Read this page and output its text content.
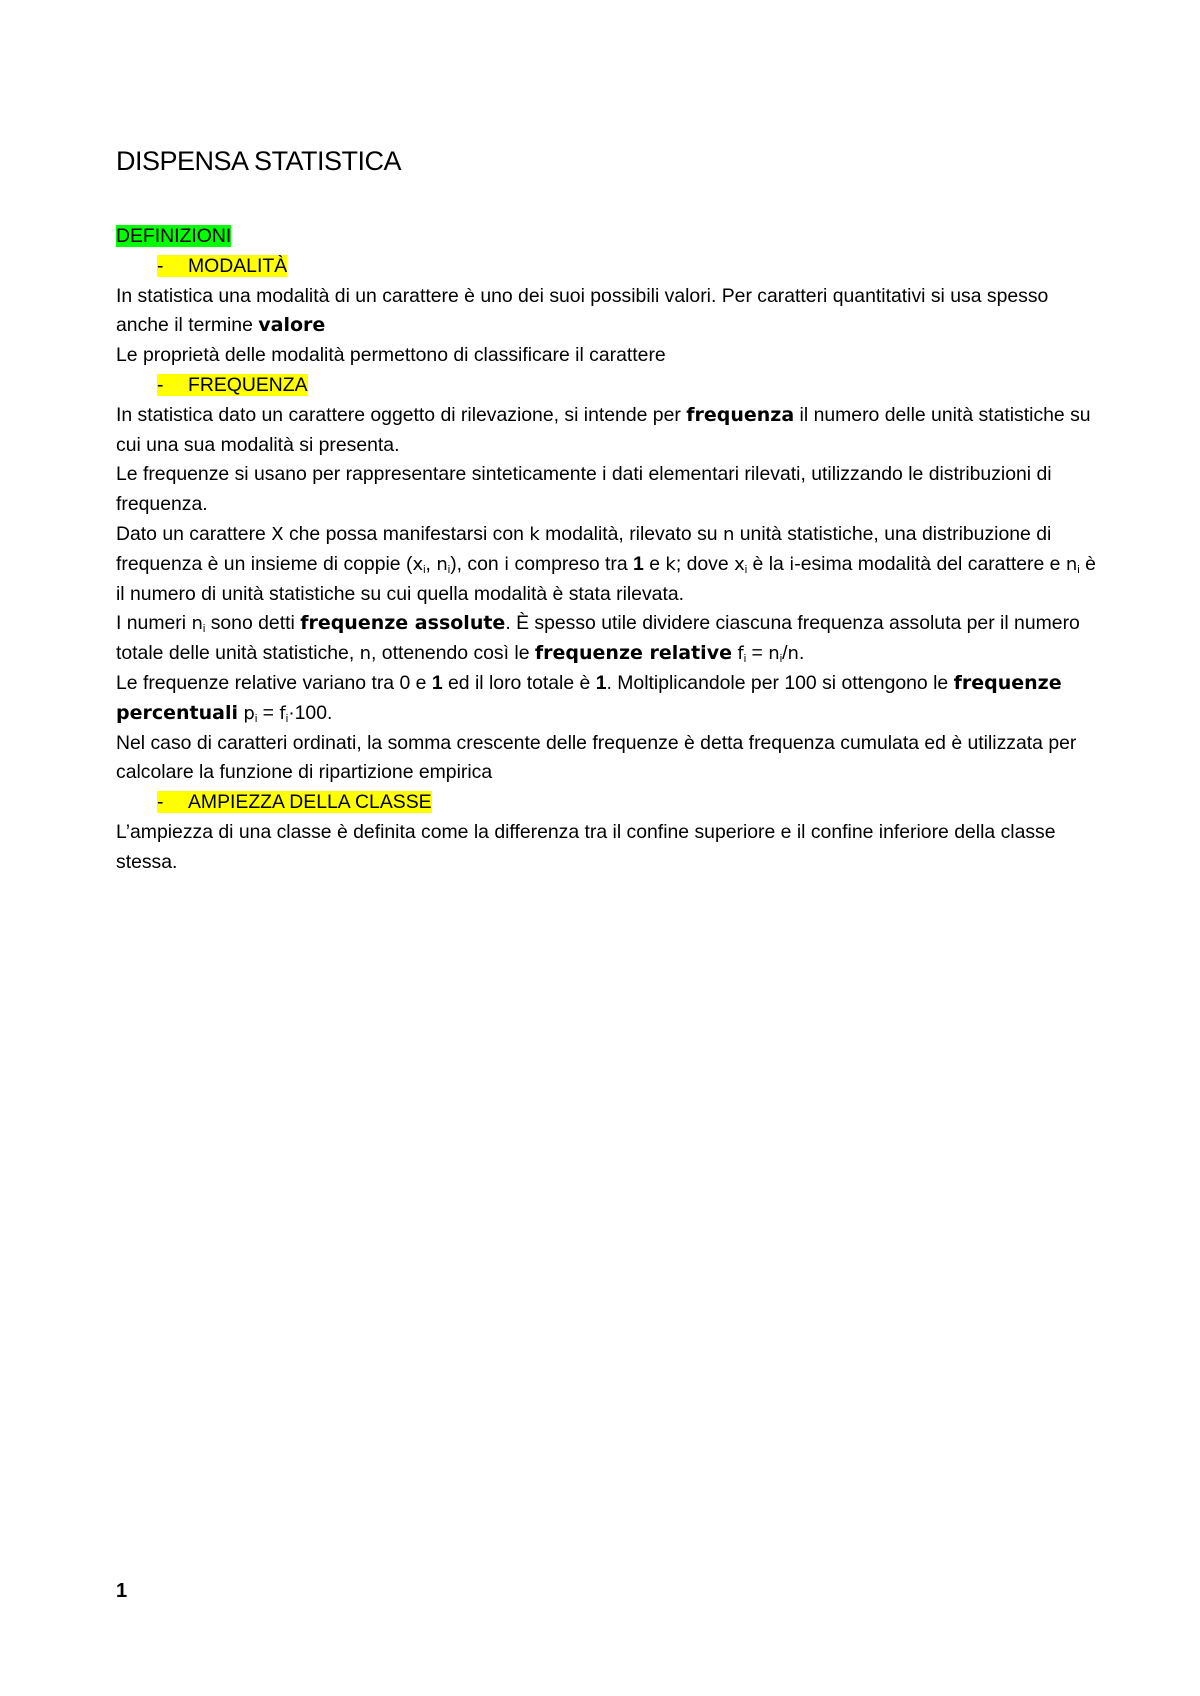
DISPENSA STATISTICA

DEFINIZIONI

- MODALITÀ

In statistica una modalità di un carattere è uno dei suoi possibili valori. Per caratteri quantitativi si usa spesso anche il termine valore

Le proprietà delle modalità permettono di classificare il carattere

- FREQUENZA

In statistica dato un carattere oggetto di rilevazione, si intende per frequenza il numero delle unità statistiche su cui una sua modalità si presenta.

Le frequenze si usano per rappresentare sinteticamente i dati elementari rilevati, utilizzando le distribuzioni di frequenza.

Dato un carattere X che possa manifestarsi con k modalità, rilevato su n unità statistiche, una distribuzione di frequenza è un insieme di coppie ($x_i$, $n_i$), con i compreso tra 1 e k; dove $x_i$ è la i-esima modalità del carattere e $n_i$ è il numero di unità statistiche su cui quella modalità è stata rilevata.

I numeri $n_i$ sono detti frequenze assolute. È spesso utile dividere ciascuna frequenza assoluta per il numero totale delle unità statistiche, n, ottenendo così le frequenze relative $f_i = n_i/n$.

Le frequenze relative variano tra 0 e 1 ed il loro totale è 1. Moltiplicandole per 100 si ottengono le frequenze percentuali $p_i = f_i\cdot 100$.

Nel caso di caratteri ordinati, la somma crescente delle frequenze è detta frequenza cumulata ed è utilizzata per calcolare la funzione di ripartizione empirica

- AMPIEZZA DELLA CLASSE

L’ampiezza di una classe è definita come la differenza tra il confine superiore e il confine inferiore della classe stessa.

1
